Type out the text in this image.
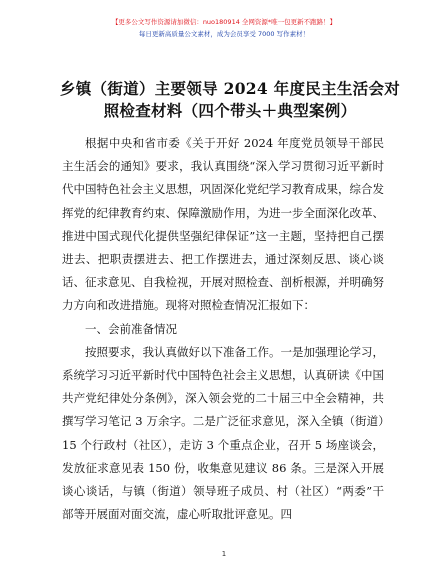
【更多公文写作资源请加微信：nuo180914 全网资源*唯一包更新不跑路！】
每日更新高质量公文素材，成为会员享受 7000 写作素材！
乡镇（街道）主要领导 2024 年度民主生活会对
照检查材料（四个带头＋典型案例）

根据中央和省市委《关于开好 2024 年度党员领导干部民主生活会的通知》要求，我认真围绕“深入学习贯彻习近平新时代中国特色社会主义思想，巩固深化党纪学习教育成果，综合发挥党的纪律教育约束、保障激励作用，为进一步全面深化改革、推进中国式现代化提供坚强纪律保证”这一主题，坚持把自己摆进去、把职责摆进去、把工作摆进去，通过深刻反思、谈心谈话、征求意见、自我检视，开展对照检查、剖析根源，并明确努力方向和改进措施。现将对照检查情况汇报如下：

一、会前准备情况

按照要求，我认真做好以下准备工作。一是加强理论学习，系统学习习近平新时代中国特色社会主义思想，认真研读《中国共产党纪律处分条例》，深入领会党的二十届三中全会精神，共撰写学习笔记 3 万余字。二是广泛征求意见，深入全镇（街道）15 个行政村（社区），走访 3 个重点企业，召开 5 场座谈会，发放征求意见表 150 份，收集意见建议 86 条。三是深入开展谈心谈话，与镇（街道）领导班子成员、村（社区）“两委”干部等开展面对面交流，虚心听取批评意见。四

1
